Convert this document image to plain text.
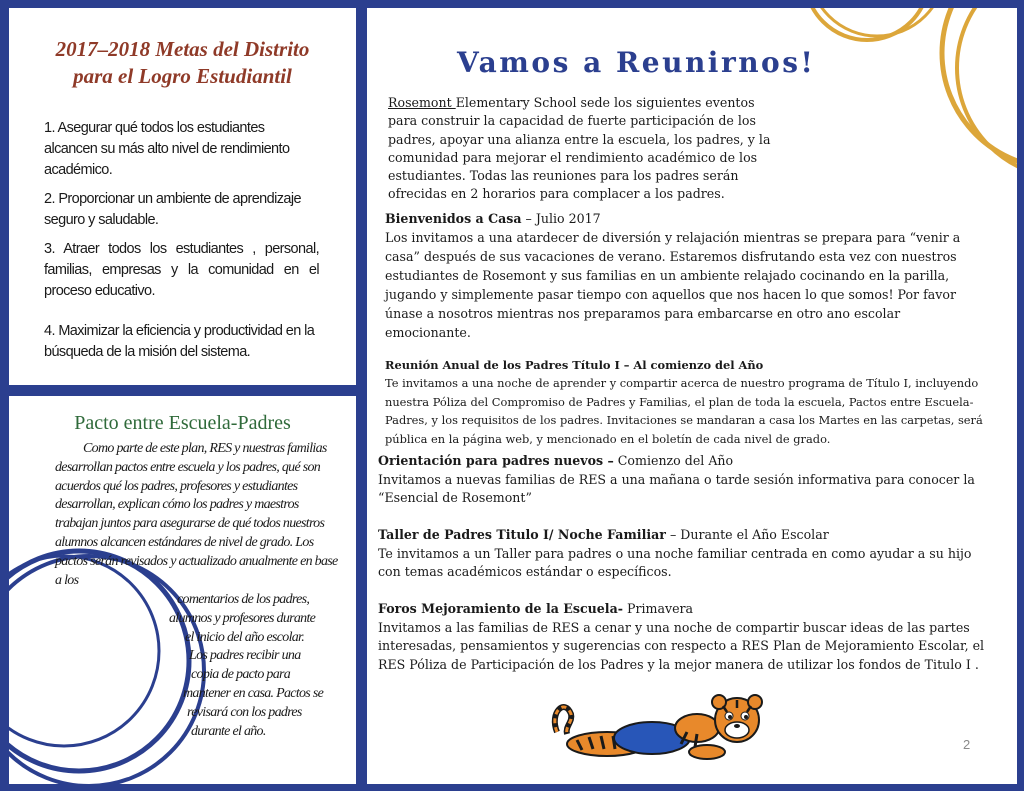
2017–2018 Metas del Distrito
para el Logro Estudiantil
1. Asegurar qué todos los estudiantes alcancen su más alto nivel de rendimiento académico.
2. Proporcionar un ambiente de aprendizaje seguro y saludable.
3. Atraer todos los estudiantes , personal, familias, empresas y la comunidad en el proceso educativo.
4. Maximizar la eficiencia y productividad en la búsqueda de la misión del sistema.
Pacto entre Escuela-Padres
Como parte de este plan, RES y nuestras familias desarrollan pactos entre escuela y los padres, qué son acuerdos qué los padres, profesores y estudiantes desarrollan, explican cómo los padres y maestros trabajan juntos para asegurarse de qué todos nuestros alumnos alcancen estándares de nivel de grado. Los pactos serán revisados y actualizado anualmente en base a los
comentarios de los padres,
alumnos y profesores durante
el inicio del año escolar.
Los padres recibir una
copia de pacto para
mantener en casa. Pactos se
revisará con los padres
durante el año.
Vamos a Reunirnos!
Rosemont Elementary School sede los siguientes eventos para construir la capacidad de fuerte participación de los padres, apoyar una alianza entre la escuela, los padres, y la comunidad para mejorar el rendimiento académico de los estudiantes. Todas las reuniones para los padres serán ofrecidas en 2 horarios para complacer a los padres.
Bienvenidos a Casa – Julio 2017
Los invitamos a una atardecer de diversión y relajación mientras se prepara para “venir a casa” después de sus vacaciones de verano. Estaremos disfrutando esta vez con nuestros estudiantes de Rosemont y sus familias en un ambiente relajado cocinando en la parilla, jugando y simplemente pasar tiempo con aquellos que nos hacen lo que somos! Por favor únase a nosotros mientras nos preparamos para embarcarse en otro ano escolar emocionante.
Reunión Anual de los Padres Título I – Al comienzo del Año
Te invitamos a una noche de aprender y compartir acerca de nuestro programa de Título I, incluyendo nuestra Póliza del Compromiso de Padres y Familias, el plan de toda la escuela, Pactos entre Escuela-Padres, y los requisitos de los padres. Invitaciones se mandaran a casa los Martes en las carpetas, será pública en la página web, y mencionado en el boletín de cada nivel de grado.
Orientación para padres nuevos – Comienzo del Año
Invitamos a nuevas familias de RES a una mañana o tarde sesión informativa para conocer la “Esencial de Rosemont”
Taller de Padres Titulo I/ Noche Familiar – Durante el Año Escolar
Te invitamos a un Taller para padres o una noche familiar centrada en como ayudar a su hijo con temas académicos estándar o específicos.
Foros Mejoramiento de la Escuela- Primavera
Invitamos a las familias de RES a cenar y una noche de compartir buscar ideas de las partes interesadas, pensamientos y sugerencias con respecto a RES Plan de Mejoramiento Escolar, el RES Póliza de Participación de los Padres y la mejor manera de utilizar los fondos de Titulo I .
2
